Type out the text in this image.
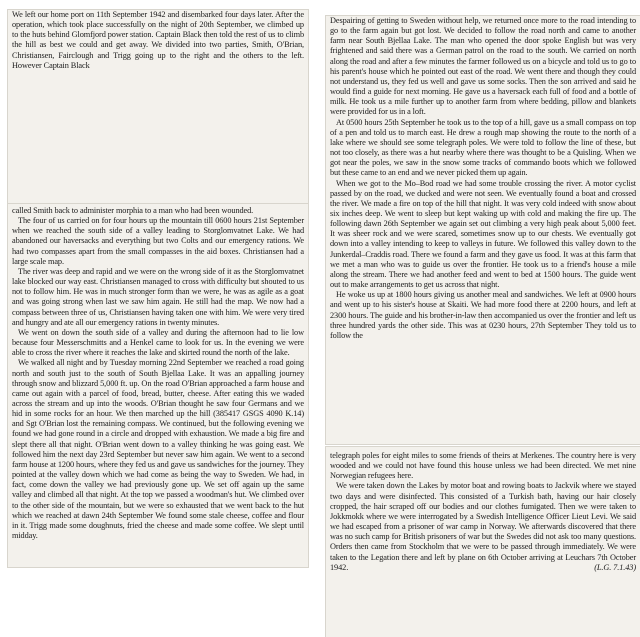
We left our home port on 11th September 1942 and disembarked four days later. After the operation, which took place successfully on the night of 20th September, we climbed up to the huts behind Glomfjord power station. Captain Black then told the rest of us to climb the hill as best we could and get away. We divided into two parties, Smith, O'Brian, Christiansen, Fairclough and Trigg going up to the right and the others to the left. However Captain Black

called Smith back to administer morphia to a man who had been wounded.

The four of us carried on for four hours up the mountain till 0600 hours 21st September when we reached the south side of a valley leading to Storglomvatnet Lake. We had abandoned our haversacks and everything but two Colts and our emergency rations. We had two compasses apart from the small compasses in the aid boxes. Christiansen had a large scale map.

The river was deep and rapid and we were on the wrong side of it as the Storglomvatnet lake blocked our way east. Christiansen managed to cross with difficulty but shouted to us not to follow him. He was in much stronger form than we were, he was as agile as a goat and was going strong when last we saw him again. He still had the map. We now had a compass between three of us, Christiansen having taken one with him. We were very tired and hungry and ate all our emergency rations in twenty minutes.

We went on down the south side of a valley and during the afternoon had to lie low because four Messerschmitts and a Henkel came to look for us. In the evening we were able to cross the river where it reaches the lake and skirted round the north of the lake.

We walked all night and by Tuesday morning 22nd September we reached a road going north and south just to the south of South Bjellaa Lake. It was an appalling journey through snow and blizzard 5,000 ft. up. On the road O'Brian approached a farm house and came out again with a parcel of food, bread, butter, cheese. After eating this we waded across the stream and up into the woods. O'Brian thought he saw four Germans and we hid in some rocks for an hour. We then marched up the hill (385417 GSGS 4090 K.14) and Sgt O'Brian lost the remaining compass. We continued, but the following evening we found we had gone round in a circle and dropped with exhaustion. We made a big fire and slept there all that night. O'Brian went down to a valley thinking he was going east. We followed him the next day 23rd September but never saw him again. We went to a second farm house at 1200 hours, where they fed us and gave us sandwiches for the journey. They pointed at the valley down which we had come as being the way to Sweden. We had, in fact, come down the valley we had previously gone up. We set off again up the same valley and climbed all that night. At the top we passed a woodman's hut. We climbed over to the other side of the mountain, but we were so exhausted that we went back to the hut which we reached at dawn 24th September We found some stale cheese, coffee and flour in it. Trigg made some doughnuts, fried the cheese and made some coffee. We slept until midday.

Despairing of getting to Sweden without help, we returned once more to the road intending to go to the farm again but got lost. We decided to follow the road north and came to another farm near South Bjellaa Lake. The man who opened the door spoke English but was very frightened and said there was a German patrol on the road to the south. We carried on north along the road and after a few minutes the farmer followed us on a bicycle and told us to go to his parent's house which he pointed out east of the road. We went there and though they could not understand us, they fed us well and gave us some socks. Then the son arrived and said he would find a guide for next morning. He gave us a haversack each full of food and a bottle of milk. He took us a mile further up to another farm from where bedding, pillow and blankets were provided for us in a loft.

At 0500 hours 25th September he took us to the top of a hill, gave us a small compass on top of a pen and told us to march east. He drew a rough map showing the route to the north of a lake where we should see some telegraph poles. We were told to follow the line of these, but not too closely, as there was a hut nearby where there was thought to be a Quisling. When we got near the poles, we saw in the snow some tracks of commando boots which we followed but these came to an end and we never picked them up again.

When we got to the Mo–Bod road we had some trouble crossing the river. A motor cyclist passed by on the road, we ducked and were not seen. We eventually found a boat and crossed the river. We made a fire on top of the hill that night. It was very cold indeed with snow about six inches deep. We went to sleep but kept waking up with cold and making the fire up. The following dawn 26th September we again set out climbing a very high peak about 5,000 feet. It was sheer rock and we were scared, sometimes snow up to our chests. We eventually got down into a valley intending to keep to valleys in future. We followed this valley down to the Junkerdal–Craddis road. There we found a farm and they gave us food. It was at this farm that we met a man who was to guide us over the frontier. He took us to a friend's house a mile along the stream. There we had another feed and went to bed at 1500 hours. The guide went out to make arrangements to get us across that night.

He woke us up at 1800 hours giving us another meal and sandwiches. We left at 0900 hours and went up to his sister's house at Skaiti. We had more food there at 2200 hours, and left at 2300 hours. The guide and his brother-in-law then accompanied us over the frontier and left us three hundred yards the other side. This was at 0230 hours, 27th September They told us to follow the

telegraph poles for eight miles to some friends of theirs at Merkenes. The country here is very wooded and we could not have found this house unless we had been directed. We met nine Norwegian refugees here.

We were taken down the Lakes by motor boat and rowing boats to Jackvik where we stayed two days and were disinfected. This consisted of a Turkish bath, having our hair closely cropped, the hair scraped off our bodies and our clothes fumigated. Then we were taken to Jokkmokk where we were interrogated by a Swedish Intelligence Officer Lieut Levi. We said we had escaped from a prisoner of war camp in Norway. We afterwards discovered that there was no such camp for British prisoners of war but the Swedes did not ask too many questions. Orders then came from Stockholm that we were to be passed through immediately. We were taken to the Legation there and left by plane on 6th October arriving at Leuchars 7th October 1942.	(L.G. 7.1.43)
